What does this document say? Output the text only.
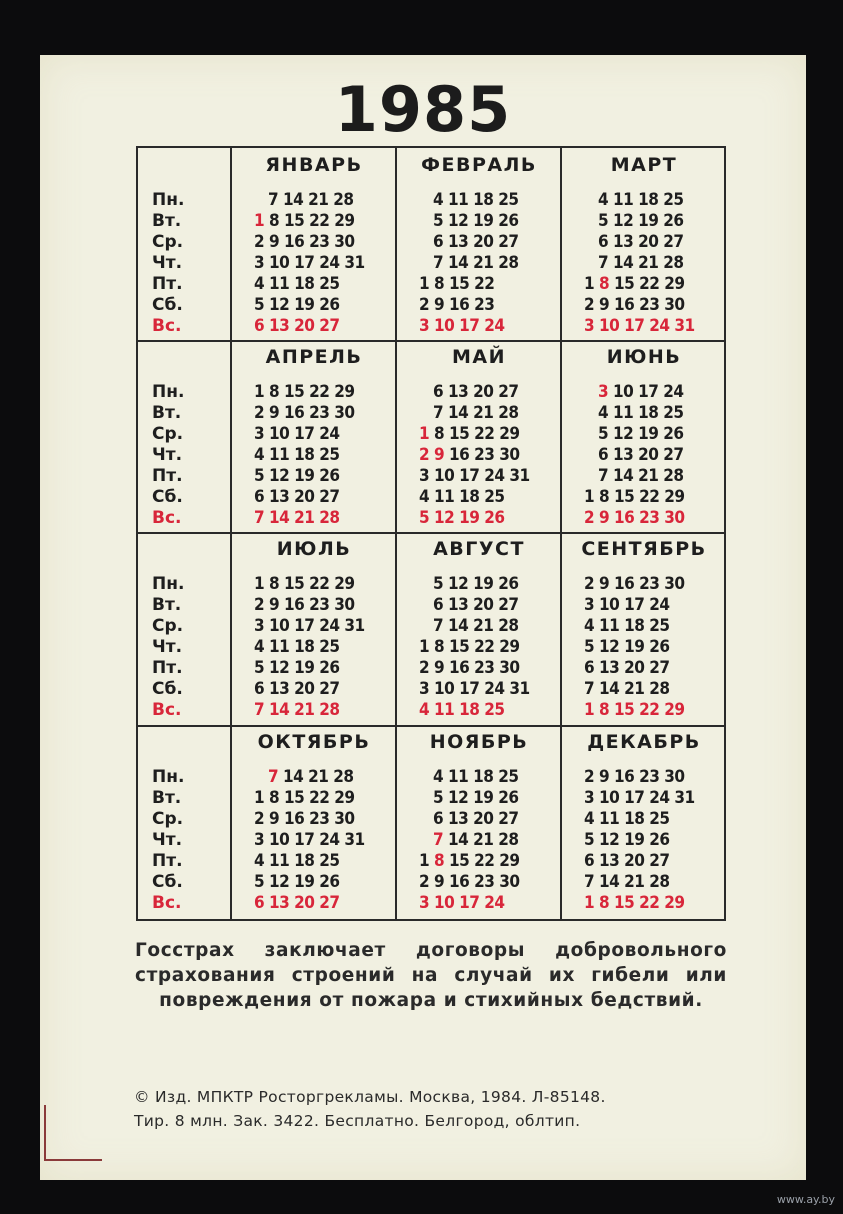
1985
Пн.
Вт.
Ср.
Чт.
Пт.
Сб.
Вс.
ЯНВАРЬ
7 14 21 28
1 8 15 22 29
2 9 16 23 30
3 10 17 24 31
4 11 18 25
5 12 19 26
6 13 20 27
ФЕВРАЛЬ
4 11 18 25
5 12 19 26
6 13 20 27
7 14 21 28
1 8 15 22
2 9 16 23
3 10 17 24
МАРТ
4 11 18 25
5 12 19 26
6 13 20 27
7 14 21 28
1 8 15 22 29
2 9 16 23 30
3 10 17 24 31
Пн.
Вт.
Ср.
Чт.
Пт.
Сб.
Вс.
АПРЕЛЬ
1 8 15 22 29
2 9 16 23 30
3 10 17 24
4 11 18 25
5 12 19 26
6 13 20 27
7 14 21 28
МАЙ
6 13 20 27
7 14 21 28
1 8 15 22 29
2 9 16 23 30
3 10 17 24 31
4 11 18 25
5 12 19 26
ИЮНЬ
3 10 17 24
4 11 18 25
5 12 19 26
6 13 20 27
7 14 21 28
1 8 15 22 29
2 9 16 23 30
Пн.
Вт.
Ср.
Чт.
Пт.
Сб.
Вс.
ИЮЛЬ
1 8 15 22 29
2 9 16 23 30
3 10 17 24 31
4 11 18 25
5 12 19 26
6 13 20 27
7 14 21 28
АВГУСТ
5 12 19 26
6 13 20 27
7 14 21 28
1 8 15 22 29
2 9 16 23 30
3 10 17 24 31
4 11 18 25
СЕНТЯБРЬ
2 9 16 23 30
3 10 17 24
4 11 18 25
5 12 19 26
6 13 20 27
7 14 21 28
1 8 15 22 29
Пн.
Вт.
Ср.
Чт.
Пт.
Сб.
Вс.
ОКТЯБРЬ
7 14 21 28
1 8 15 22 29
2 9 16 23 30
3 10 17 24 31
4 11 18 25
5 12 19 26
6 13 20 27
НОЯБРЬ
4 11 18 25
5 12 19 26
6 13 20 27
7 14 21 28
1 8 15 22 29
2 9 16 23 30
3 10 17 24
ДЕКАБРЬ
2 9 16 23 30
3 10 17 24 31
4 11 18 25
5 12 19 26
6 13 20 27
7 14 21 28
1 8 15 22 29
Госстрах заключает договоры добровольного страхования строений на случай их гибели или повреждения от пожара и стихийных бедствий.
© Изд. МПКТР Росторгрекламы. Москва, 1984. Л-85148.
Тир. 8 млн. Зак. 3422. Бесплатно. Белгород, облтип.
www.ay.by
